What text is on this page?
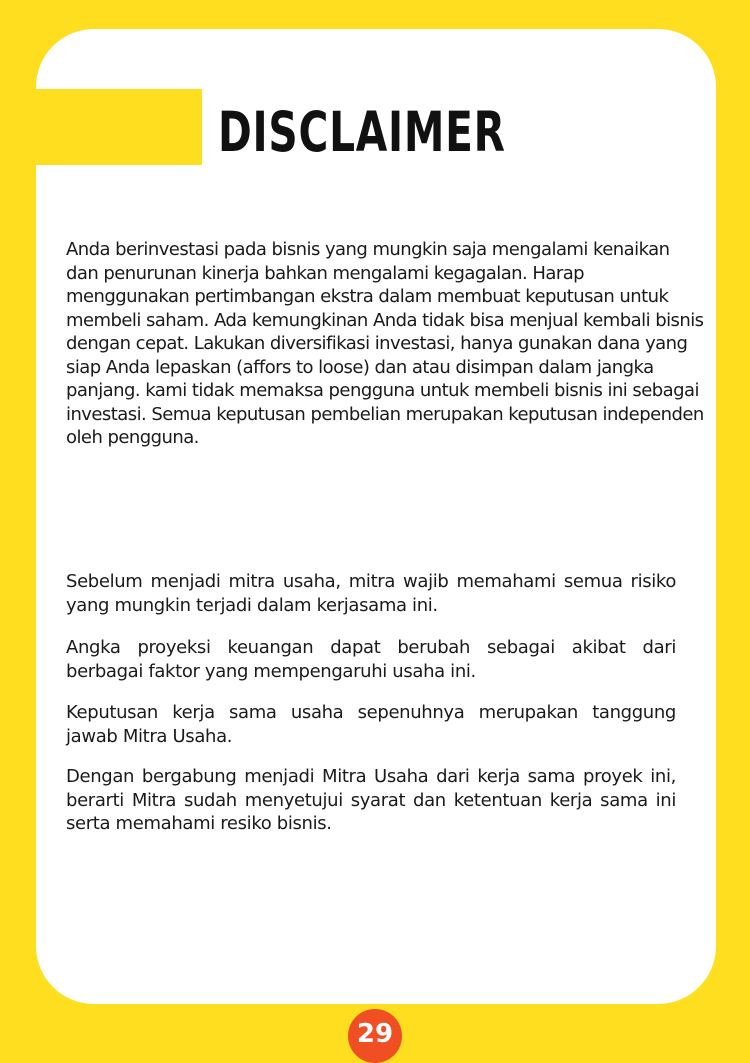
DISCLAIMER

Anda berinvestasi pada bisnis yang mungkin saja mengalami kenaikan dan penurunan kinerja bahkan mengalami kegagalan. Harap menggunakan pertimbangan ekstra dalam membuat keputusan untuk membeli saham. Ada kemungkinan Anda tidak bisa menjual kembali bisnis dengan cepat. Lakukan diversifikasi investasi, hanya gunakan dana yang siap Anda lepaskan (affors to loose) dan atau disimpan dalam jangka panjang. kami tidak memaksa pengguna untuk membeli bisnis ini sebagai investasi. Semua keputusan pembelian merupakan keputusan independen oleh pengguna.

Sebelum menjadi mitra usaha, mitra wajib memahami semua risiko yang mungkin terjadi dalam kerjasama ini.

Angka proyeksi keuangan dapat berubah sebagai akibat dari berbagai faktor yang mempengaruhi usaha ini.

Keputusan kerja sama usaha sepenuhnya merupakan tanggung jawab Mitra Usaha.

Dengan bergabung menjadi Mitra Usaha dari kerja sama proyek ini, berarti Mitra sudah menyetujui syarat dan ketentuan kerja sama ini serta memahami resiko bisnis.

29
